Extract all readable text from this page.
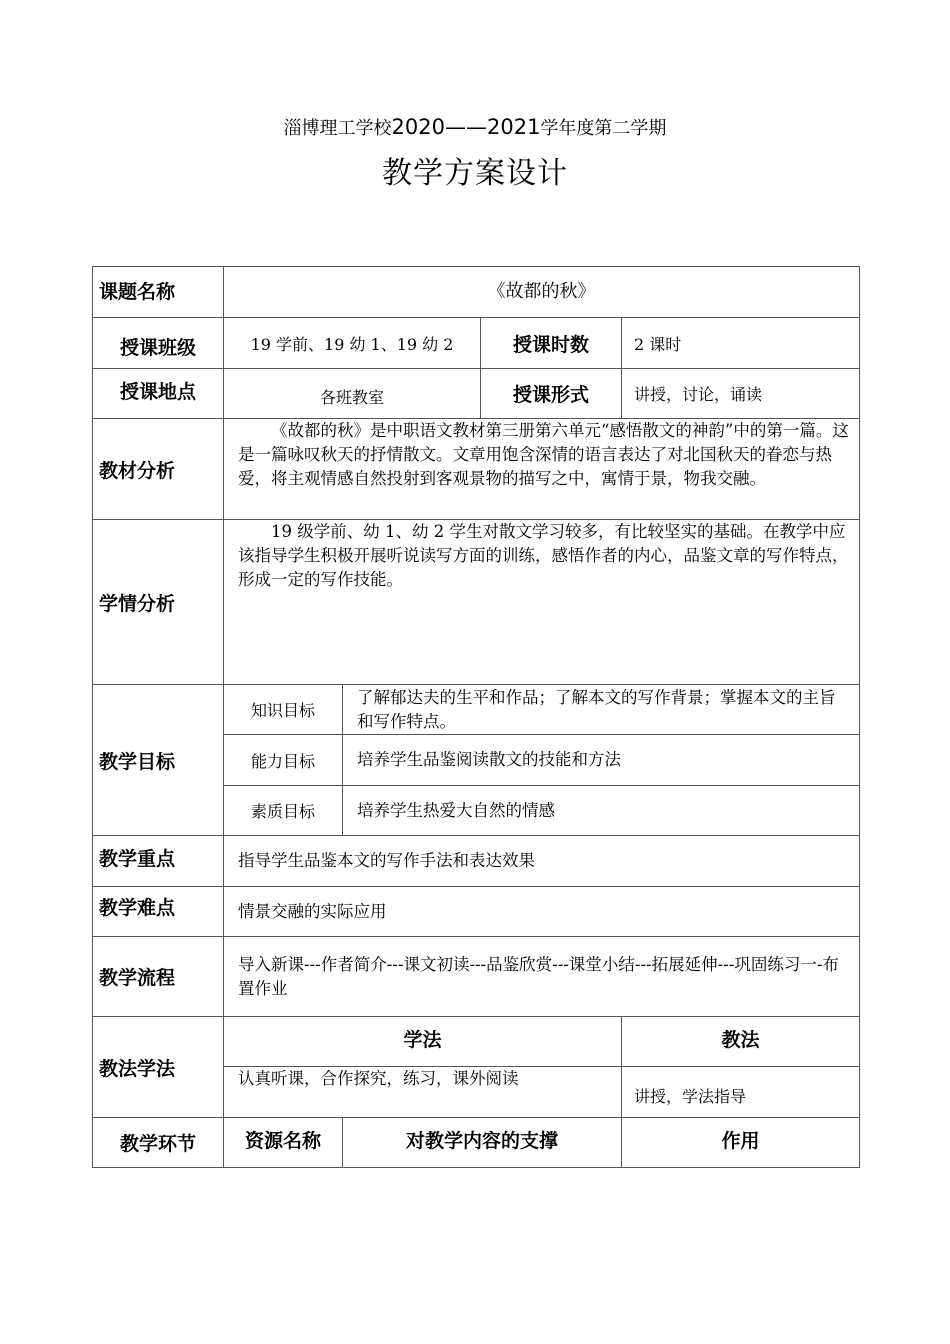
淄博理工学校2020——2021学年度第二学期
教学方案设计
课题名称	《故都的秋》			
授课班级	19 学前、19 幼 1、19 幼 2		授课时数	2 课时
授课地点	各班教室		授课形式	讲授，讨论，诵读
教材分析	《故都的秋》是中职语文教材第三册第六单元“感悟散文的神韵”中的第一篇。这是一篇咏叹秋天的抒情散文。文章用饱含深情的语言表达了对北国秋天的眷恋与热爱，将主观情感自然投射到客观景物的描写之中，寓情于景，物我交融。			
学情分析	19 级学前、幼 1、幼 2 学生对散文学习较多，有比较坚实的基础。在教学中应该指导学生积极开展听说读写方面的训练，感悟作者的内心，品鉴文章的写作特点，形成一定的写作技能。			
教学目标	知识目标	了解郁达夫的生平和作品；了解本文的写作背景；掌握本文的主旨和写作特点。		
	能力目标	培养学生品鉴阅读散文的技能和方法		
	素质目标	培养学生热爱大自然的情感		
教学重点	指导学生品鉴本文的写作手法和表达效果			
教学难点	情景交融的实际应用			
教学流程	导入新课---作者简介---课文初读---品鉴欣赏---课堂小结---拓展延伸---巩固练习一-布置作业			
教法学法	学法			教法
	认真听课，合作探究，练习，课外阅读			讲授，学法指导
教学环节	资源名称	对教学内容的支撑		作用
